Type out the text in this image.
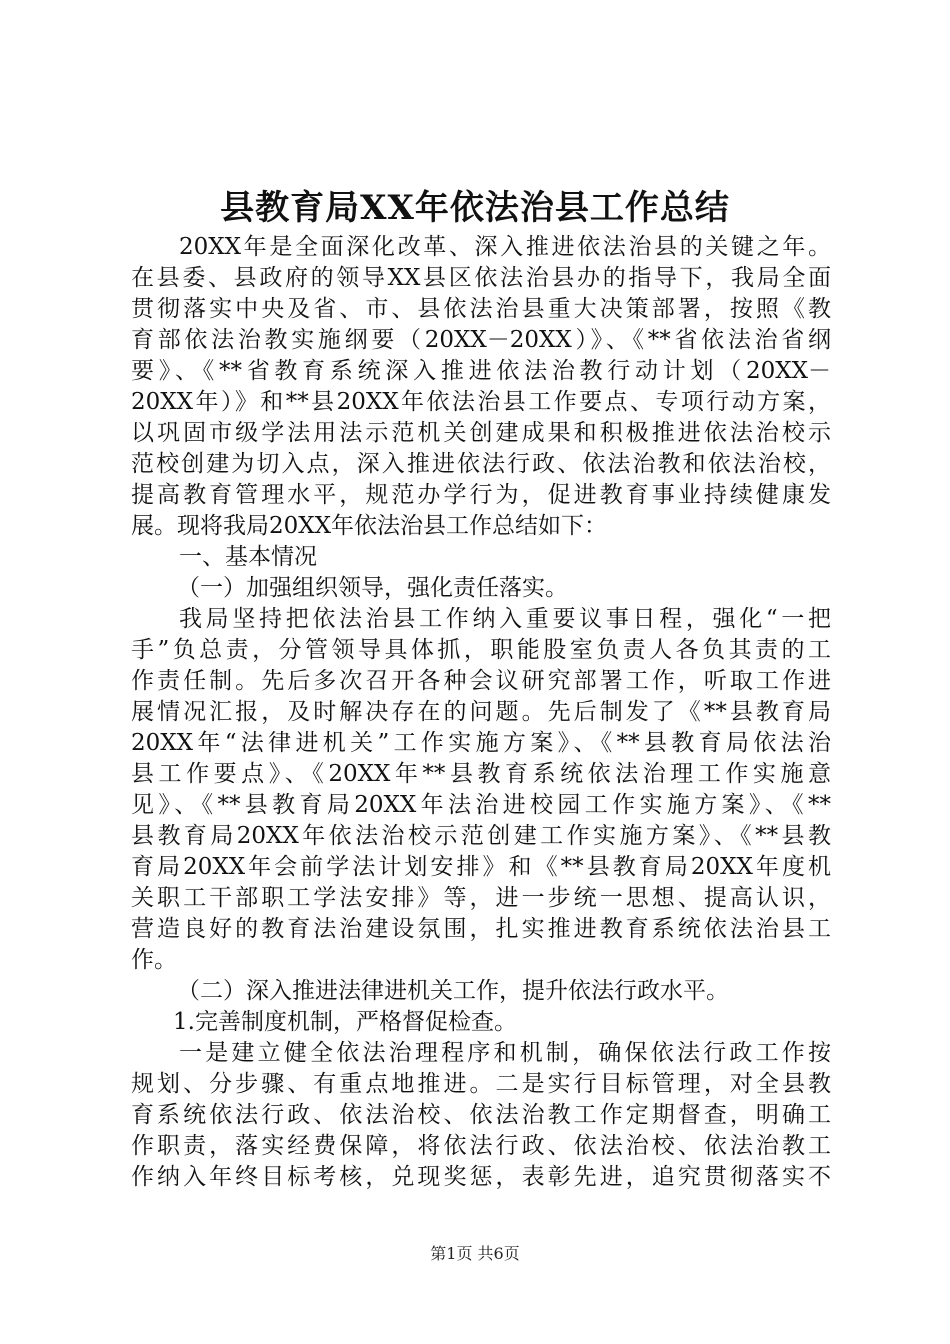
县教育局XX年依法治县工作总结
20XX年是全面深化改革、深入推进依法治县的关键之年。
在县委、县政府的领导XX县区依法治县办的指导下，我局全面
贯彻落实中央及省、市、县依法治县重大决策部署，按照《教
育部依法治教实施纲要（20XX－20XX）》、《**省依法治省纲
要》、《**省教育系统深入推进依法治教行动计划（20XX－
20XX年）》和**县20XX年依法治县工作要点、专项行动方案，
以巩固市级学法用法示范机关创建成果和积极推进依法治校示
范校创建为切入点，深入推进依法行政、依法治教和依法治校，
提高教育管理水平，规范办学行为，促进教育事业持续健康发
展。现将我局20XX年依法治县工作总结如下：
一、基本情况
（一）加强组织领导，强化责任落实。
我局坚持把依法治县工作纳入重要议事日程，强化“一把
手”负总责，分管领导具体抓，职能股室负责人各负其责的工
作责任制。先后多次召开各种会议研究部署工作，听取工作进
展情况汇报，及时解决存在的问题。先后制发了《**县教育局
20XX年“法律进机关”工作实施方案》、《**县教育局依法治
县工作要点》、《20XX年**县教育系统依法治理工作实施意
见》、《**县教育局20XX年法治进校园工作实施方案》、《**
县教育局20XX年依法治校示范创建工作实施方案》、《**县教
育局20XX年会前学法计划安排》和《**县教育局20XX年度机
关职工干部职工学法安排》等，进一步统一思想、提高认识，
营造良好的教育法治建设氛围，扎实推进教育系统依法治县工
作。
（二）深入推进法律进机关工作，提升依法行政水平。
1.完善制度机制，严格督促检查。
一是建立健全依法治理程序和机制，确保依法行政工作按
规划、分步骤、有重点地推进。二是实行目标管理，对全县教
育系统依法行政、依法治校、依法治教工作定期督查，明确工
作职责，落实经费保障，将依法行政、依法治校、依法治教工
作纳入年终目标考核，兑现奖惩，表彰先进，追究贯彻落实不
第1页 共6页
